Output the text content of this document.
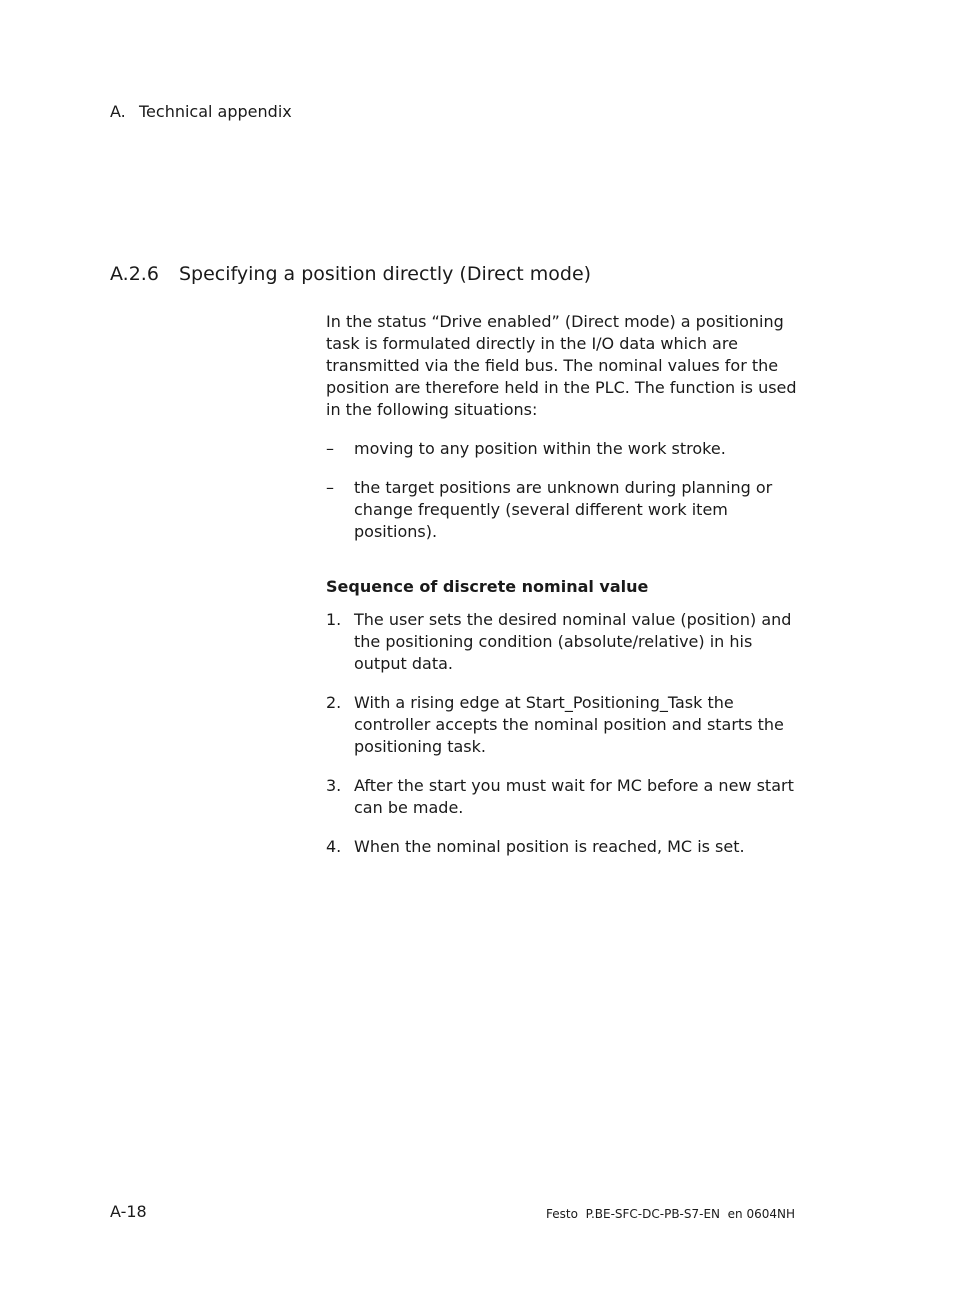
A. Technical appendix
A.2.6 Specifying a position directly (Direct mode)

In the status “Drive enabled” (Direct mode) a positioning task is formulated directly in the I/O data which are transmitted via the field bus. The nominal values for the position are therefore held in the PLC. The function is used in the following situations:

– moving to any position within the work stroke.
– the target positions are unknown during planning or change frequently (several different work item positions).

Sequence of discrete nominal value

1. The user sets the desired nominal value (position) and the positioning condition (absolute/relative) in his output data.
2. With a rising edge at Start_Positioning_Task the controller accepts the nominal position and starts the positioning task.
3. After the start you must wait for MC before a new start can be made.
4. When the nominal position is reached, MC is set.
A-18	Festo  P.BE-SFC-DC-PB-S7-EN  en 0604NH
